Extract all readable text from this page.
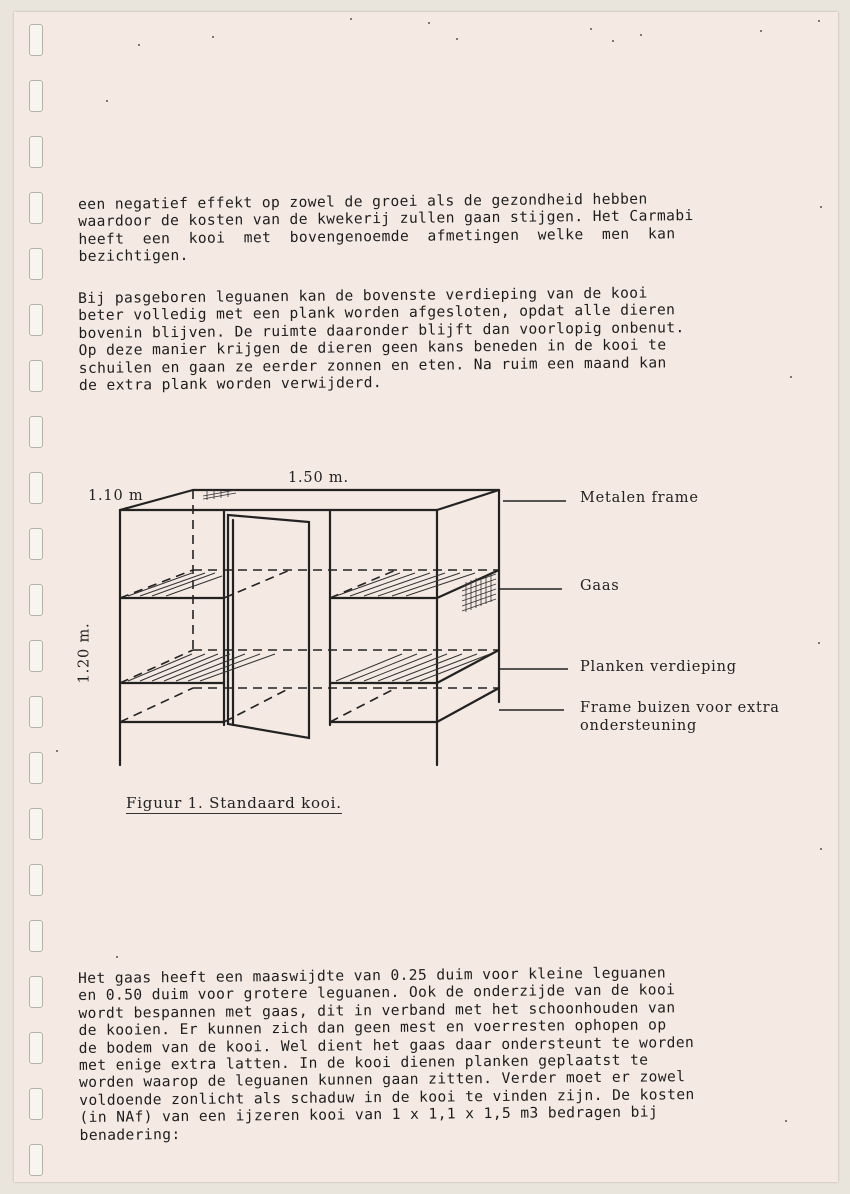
een negatief effekt op zowel de groei als de gezondheid hebben
waardoor de kosten van de kwekerij zullen gaan stijgen. Het Carmabi
heeft  een  kooi  met  bovengenoemde  afmetingen  welke  men  kan
bezichtigen.
Bij pasgeboren leguanen kan de bovenste verdieping van de kooi
beter volledig met een plank worden afgesloten, opdat alle dieren
bovenin blijven. De ruimte daaronder blijft dan voorlopig onbenut.
Op deze manier krijgen de dieren geen kans beneden in de kooi te
schuilen en gaan ze eerder zonnen en eten. Na ruim een maand kan
de extra plank worden verwijderd.
Het gaas heeft een maaswijdte van 0.25 duim voor kleine leguanen
en 0.50 duim voor grotere leguanen. Ook de onderzijde van de kooi
wordt bespannen met gaas, dit in verband met het schoonhouden van
de kooien. Er kunnen zich dan geen mest en voerresten ophopen op
de bodem van de kooi. Wel dient het gaas daar ondersteunt te worden
met enige extra latten. In de kooi dienen planken geplaatst te
worden waarop de leguanen kunnen gaan zitten. Verder moet er zowel
voldoende zonlicht als schaduw in de kooi te vinden zijn. De kosten
(in NAf) van een ijzeren kooi van 1 x 1,1 x 1,5 m3 bedragen bij
benadering:
1.50 m.
1.10 m
1.20 m.
Metalen frame
Gaas
Planken verdieping
Frame buizen voor extra
ondersteuning
Figuur 1. Standaard kooi.
